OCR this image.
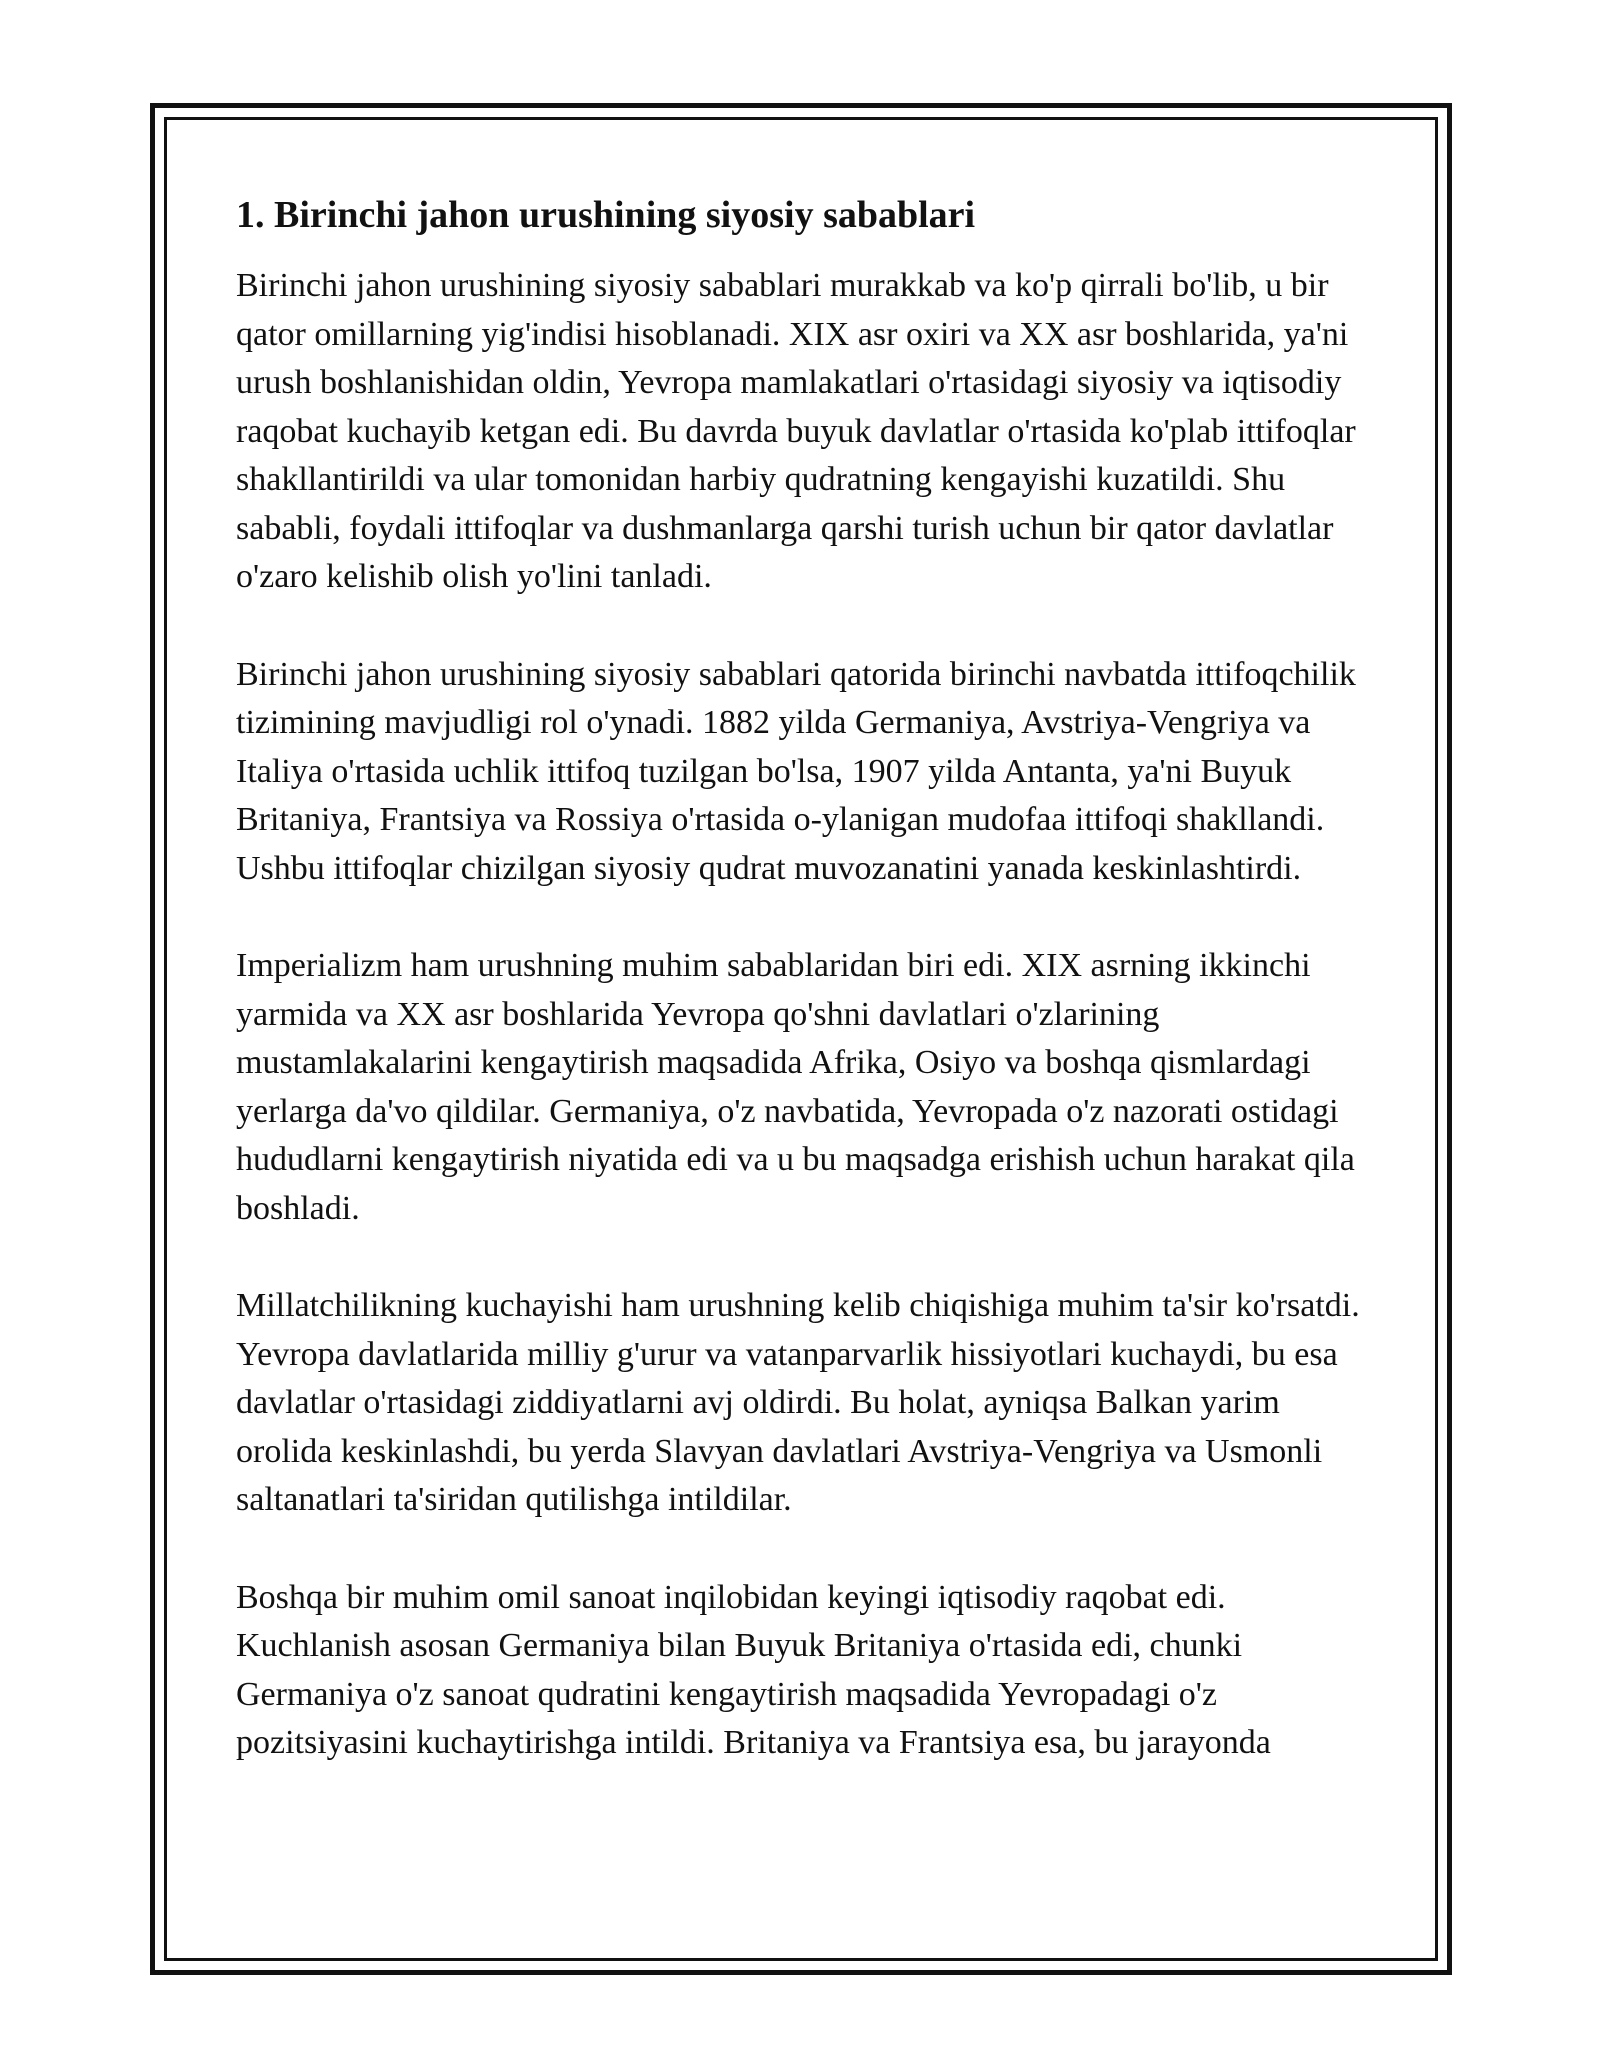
1. Birinchi jahon urushining siyosiy sabablari

Birinchi jahon urushining siyosiy sabablari murakkab va ko'p qirrali bo'lib, u bir qator omillarning yig'indisi hisoblanadi. XIX asr oxiri va XX asr boshlarida, ya'ni urush boshlanishidan oldin, Yevropa mamlakatlari o'rtasidagi siyosiy va iqtisodiy raqobat kuchayib ketgan edi. Bu davrda buyuk davlatlar o'rtasida ko'plab ittifoqlar shakllantirildi va ular tomonidan harbiy qudratning kengayishi kuzatildi. Shu sababli, foydali ittifoqlar va dushmanlarga qarshi turish uchun bir qator davlatlar o'zaro kelishib olish yo'lini tanladi.

Birinchi jahon urushining siyosiy sabablari qatorida birinchi navbatda ittifoqchilik tizimining mavjudligi rol o'ynadi. 1882 yilda Germaniya, Avstriya-Vengriya va Italiya o'rtasida uchlik ittifoq tuzilgan bo'lsa, 1907 yilda Antanta, ya'ni Buyuk Britaniya, Frantsiya va Rossiya o'rtasida o-ylanigan mudofaa ittifoqi shakllandi. Ushbu ittifoqlar chizilgan siyosiy qudrat muvozanatini yanada keskinlashtirdi.

Imperializm ham urushning muhim sabablaridan biri edi. XIX asrning ikkinchi yarmida va XX asr boshlarida Yevropa qo'shni davlatlari o'zlarining mustamlakalarini kengaytirish maqsadida Afrika, Osiyo va boshqa qismlardagi yerlarga da'vo qildilar. Germaniya, o'z navbatida, Yevropada o'z nazorati ostidagi hududlarni kengaytirish niyatida edi va u bu maqsadga erishish uchun harakat qila boshladi.

Millatchilikning kuchayishi ham urushning kelib chiqishiga muhim ta'sir ko'rsatdi. Yevropa davlatlarida milliy g'urur va vatanparvarlik hissiyotlari kuchaydi, bu esa davlatlar o'rtasidagi ziddiyatlarni avj oldirdi. Bu holat, ayniqsa Balkan yarim orolida keskinlashdi, bu yerda Slavyan davlatlari Avstriya-Vengriya va Usmonli saltanatlari ta'siridan qutilishga intildilar.

Boshqa bir muhim omil sanoat inqilobidan keyingi iqtisodiy raqobat edi. Kuchlanish asosan Germaniya bilan Buyuk Britaniya o'rtasida edi, chunki Germaniya o'z sanoat qudratini kengaytirish maqsadida Yevropadagi o'z pozitsiyasini kuchaytirishga intildi. Britaniya va Frantsiya esa, bu jarayonda
